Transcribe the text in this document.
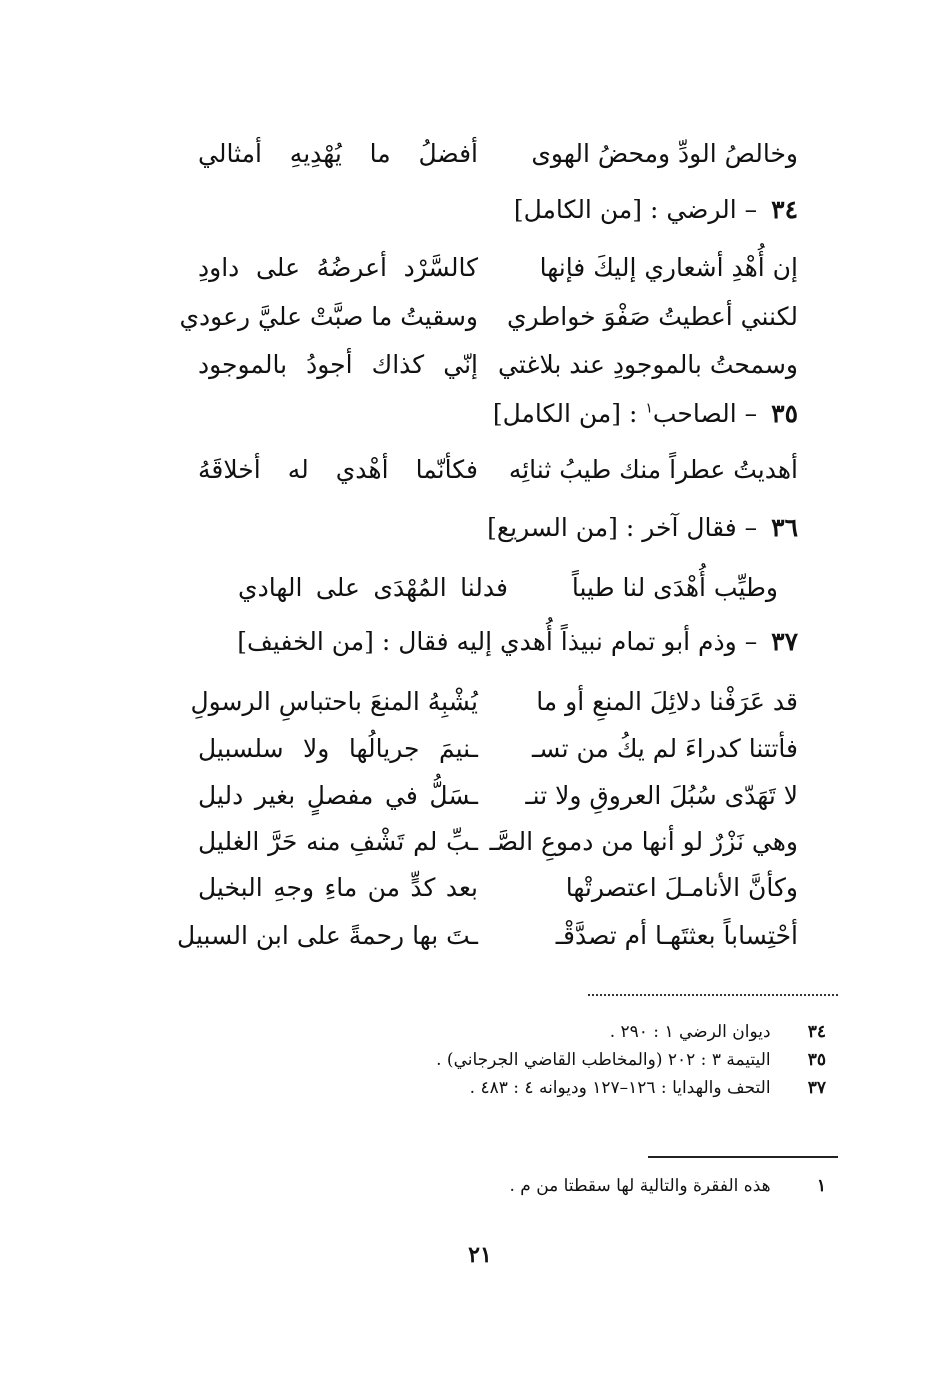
وخالصُ الودِّ ومحضُ الهوى
أفضلُ ما يُهْدِيهِ أمثالي
٣٤ – الرضي : [من الكامل]
إن أُهْدِ أشعاري إليكَ فإنها
كالسَّرْد أعرضُهُ على داودِ
لكنني أعطيتُ صَفْوَ خواطري
وسقيتُ ما صبَّتْ عليَّ رعودي
وسمحتُ بالموجودِ عند بلاغتي
إنّي كذاك أجودُ بالموجود
٣٥ – الصاحب$^١$ : [من الكامل]
أهديتُ عطراً منك طيبُ ثنائِه
فكأنّما أهْدي له أخلاقَهُ
٣٦ – فقال آخر : [من السريع]
وطيِّب أُهْدَى لنا طيباً
فدلنا المُهْدَى على الهادي
٣٧ – وذم أبو تمام نبيذاً أُهدي إليه فقال : [من الخفيف]
قد عَرَفْنا دلائِلَ المنعِ أو ما
يُشْبِهُ المنعَ باحتباسِ الرسولِ
فأتتنا كدراءَ لم يكُ من تسـ
ـنيمَ جريالُها ولا سلسبيل
لا تَهَدّى سُبُلَ العروقِ ولا تنـ
ـسَلُّ في مفصلٍ بغير دليل
وهي نَزْرٌ لو أنها من دموعِ الصَّـ
ـبِّ لم تَشْفِ منه حَرَّ الغليل
وكأنَّ الأنامـلَ اعتصرتْها
بعد كدٍّ من ماءِ وجهِ البخيل
أحْتِساباً بعثتَهـا أم تصدَّقْـ
ـتَ بها رحمةً على ابن السبيل
٣٤ ديوان الرضي ١ : ٢٩٠ .
٣٥ اليتيمة ٣ : ٢٠٢ (والمخاطب القاضي الجرجاني) .
٣٧ التحف والهدايا : ١٢٦–١٢٧ وديوانه ٤ : ٤٨٣ .
١ هذه الفقرة والتالية لها سقطتا من م .
٢١
